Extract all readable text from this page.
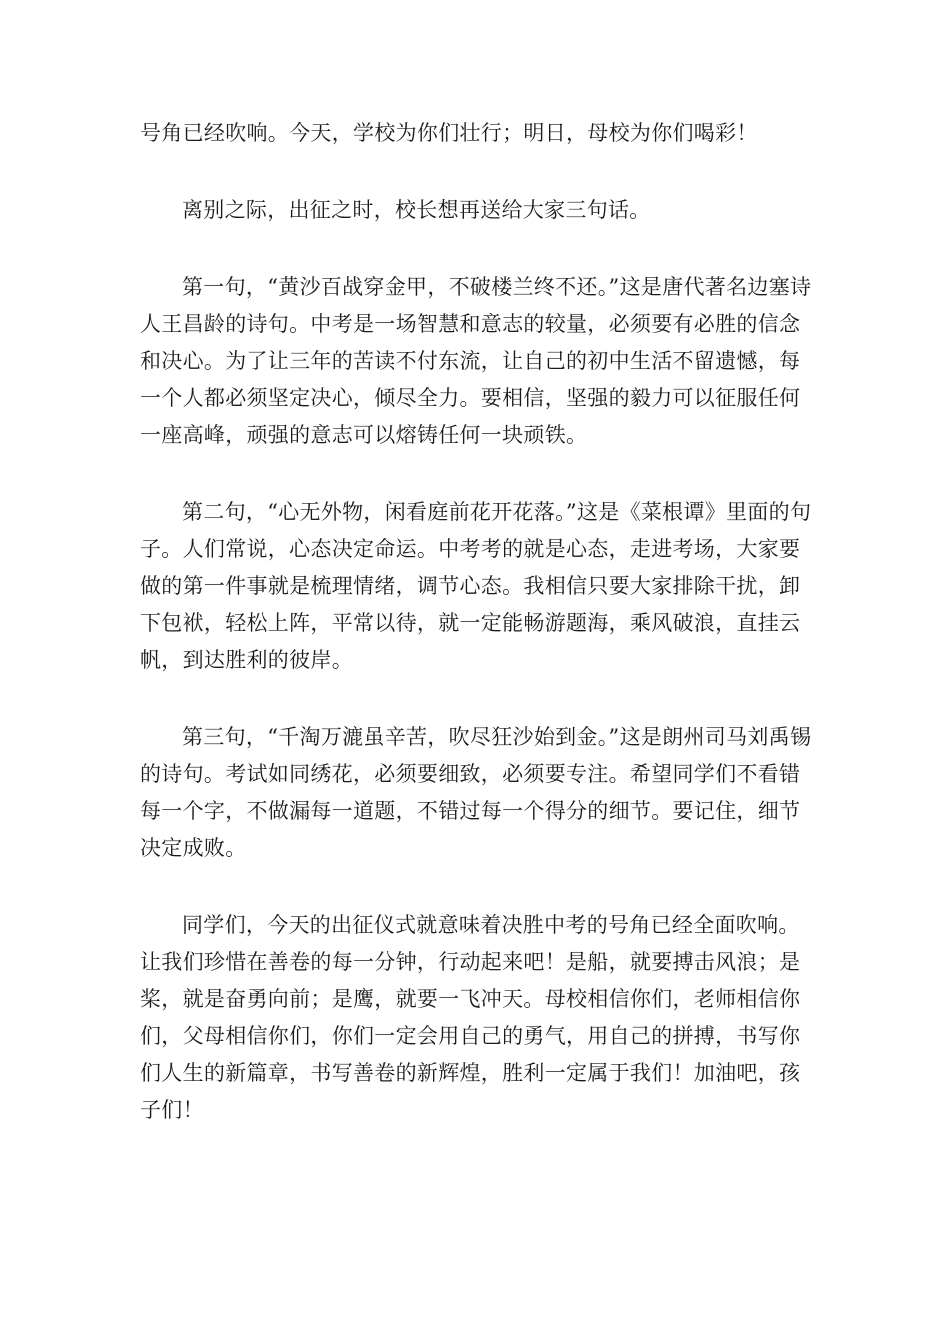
号角已经吹响。今天，学校为你们壮行；明日，母校为你们喝彩！

离别之际，出征之时，校长想再送给大家三句话。

第一句，“黄沙百战穿金甲，不破楼兰终不还。”这是唐代著名边塞诗人王昌龄的诗句。中考是一场智慧和意志的较量，必须要有必胜的信念和决心。为了让三年的苦读不付东流，让自己的初中生活不留遗憾，每一个人都必须坚定决心，倾尽全力。要相信，坚强的毅力可以征服任何一座高峰，顽强的意志可以熔铸任何一块顽铁。

第二句，“心无外物，闲看庭前花开花落。”这是《菜根谭》里面的句子。人们常说，心态决定命运。中考考的就是心态，走进考场，大家要做的第一件事就是梳理情绪，调节心态。我相信只要大家排除干扰，卸下包袱，轻松上阵，平常以待，就一定能畅游题海，乘风破浪，直挂云帆，到达胜利的彼岸。

第三句，“千淘万漉虽辛苦，吹尽狂沙始到金。”这是朗州司马刘禹锡的诗句。考试如同绣花，必须要细致，必须要专注。希望同学们不看错每一个字，不做漏每一道题，不错过每一个得分的细节。要记住，细节决定成败。

同学们，今天的出征仪式就意味着决胜中考的号角已经全面吹响。让我们珍惜在善卷的每一分钟，行动起来吧！是船，就要搏击风浪；是桨，就是奋勇向前；是鹰，就要一飞冲天。母校相信你们，老师相信你们，父母相信你们，你们一定会用自己的勇气，用自己的拼搏，书写你们人生的新篇章，书写善卷的新辉煌，胜利一定属于我们！加油吧，孩子们！
